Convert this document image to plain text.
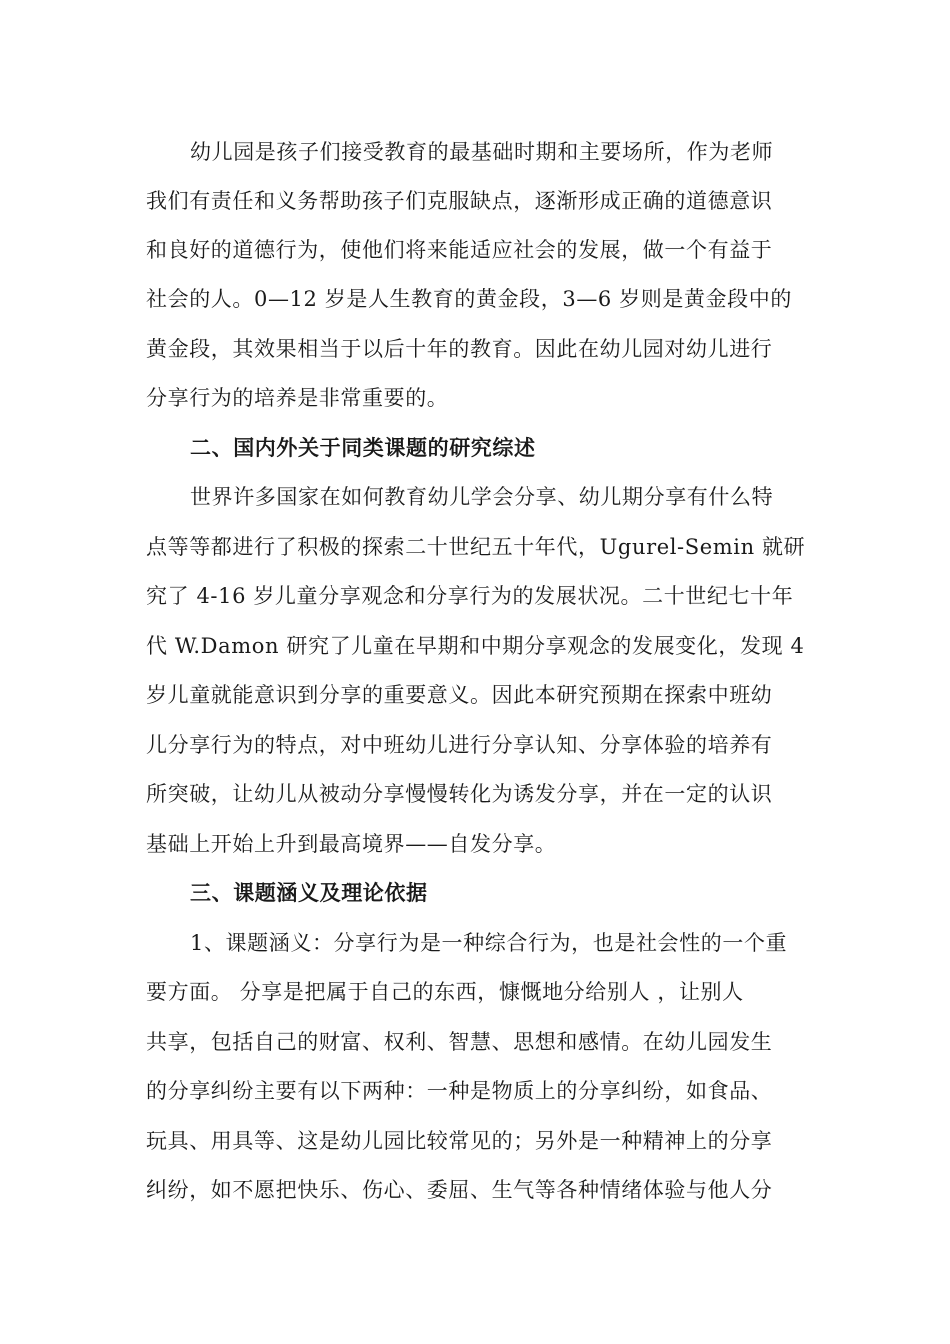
幼儿园是孩子们接受教育的最基础时期和主要场所，作为老师
我们有责任和义务帮助孩子们克服缺点，逐渐形成正确的道德意识
和良好的道德行为，使他们将来能适应社会的发展，做一个有益于
社会的人。0—12 岁是人生教育的黄金段，3—6 岁则是黄金段中的
黄金段，其效果相当于以后十年的教育。因此在幼儿园对幼儿进行
分享行为的培养是非常重要的。
二、国内外关于同类课题的研究综述
世界许多国家在如何教育幼儿学会分享、幼儿期分享有什么特
点等等都进行了积极的探索二十世纪五十年代，Ugurel-Semin 就研
究了 4-16 岁儿童分享观念和分享行为的发展状况。二十世纪七十年
代 W.Damon 研究了儿童在早期和中期分享观念的发展变化，发现 4
岁儿童就能意识到分享的重要意义。因此本研究预期在探索中班幼
儿分享行为的特点，对中班幼儿进行分享认知、分享体验的培养有
所突破，让幼儿从被动分享慢慢转化为诱发分享，并在一定的认识
基础上开始上升到最高境界——自发分享。
三、课题涵义及理论依据
1、课题涵义：分享行为是一种综合行为，也是社会性的一个重
要方面。 分享是把属于自己的东西，慷慨地分给别人 ，让别人
共享，包括自己的财富、权利、智慧、思想和感情。在幼儿园发生
的分享纠纷主要有以下两种：一种是物质上的分享纠纷，如食品、
玩具、用具等、这是幼儿园比较常见的；另外是一种精神上的分享
纠纷，如不愿把快乐、伤心、委屈、生气等各种情绪体验与他人分
